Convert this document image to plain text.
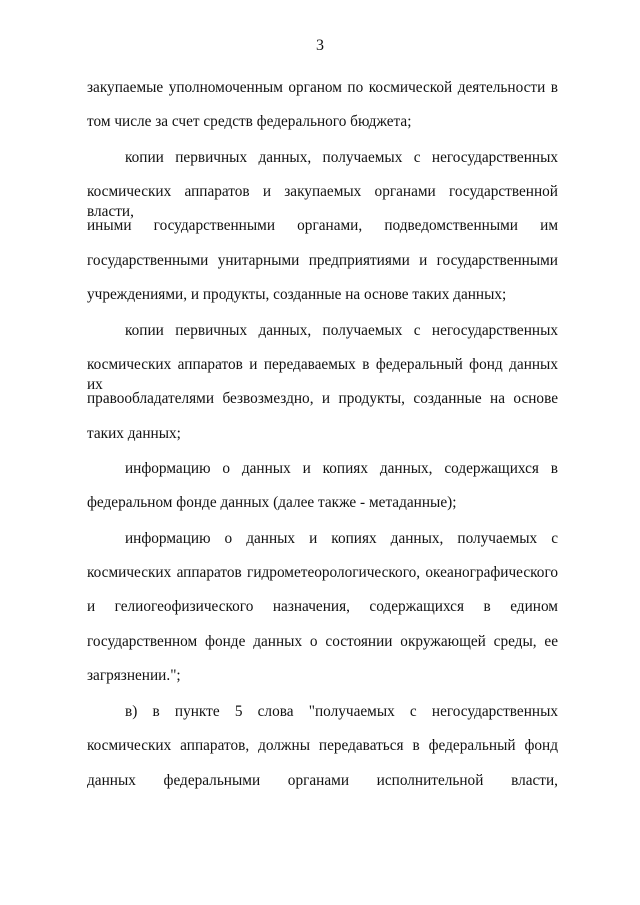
3

закупаемые уполномоченным органом по космической деятельности в

том числе за счет средств федерального бюджета;

копии первичных данных, получаемых с негосударственных

космических аппаратов и закупаемых органами государственной власти,

иными государственными органами, подведомственными им

государственными унитарными предприятиями и государственными

учреждениями, и продукты, созданные на основе таких данных;

копии первичных данных, получаемых с негосударственных

космических аппаратов и передаваемых в федеральный фонд данных их

правообладателями безвозмездно, и продукты, созданные на основе

таких данных;

информацию о данных и копиях данных, содержащихся в

федеральном фонде данных (далее также - метаданные);

информацию о данных и копиях данных, получаемых с

космических аппаратов гидрометеорологического, океанографического

и гелиогеофизического назначения, содержащихся в едином

государственном фонде данных о состоянии окружающей среды, ее

загрязнении.";

в) в пункте 5 слова "получаемых с негосударственных

космических аппаратов, должны передаваться в федеральный фонд

данных федеральными органами исполнительной власти,
